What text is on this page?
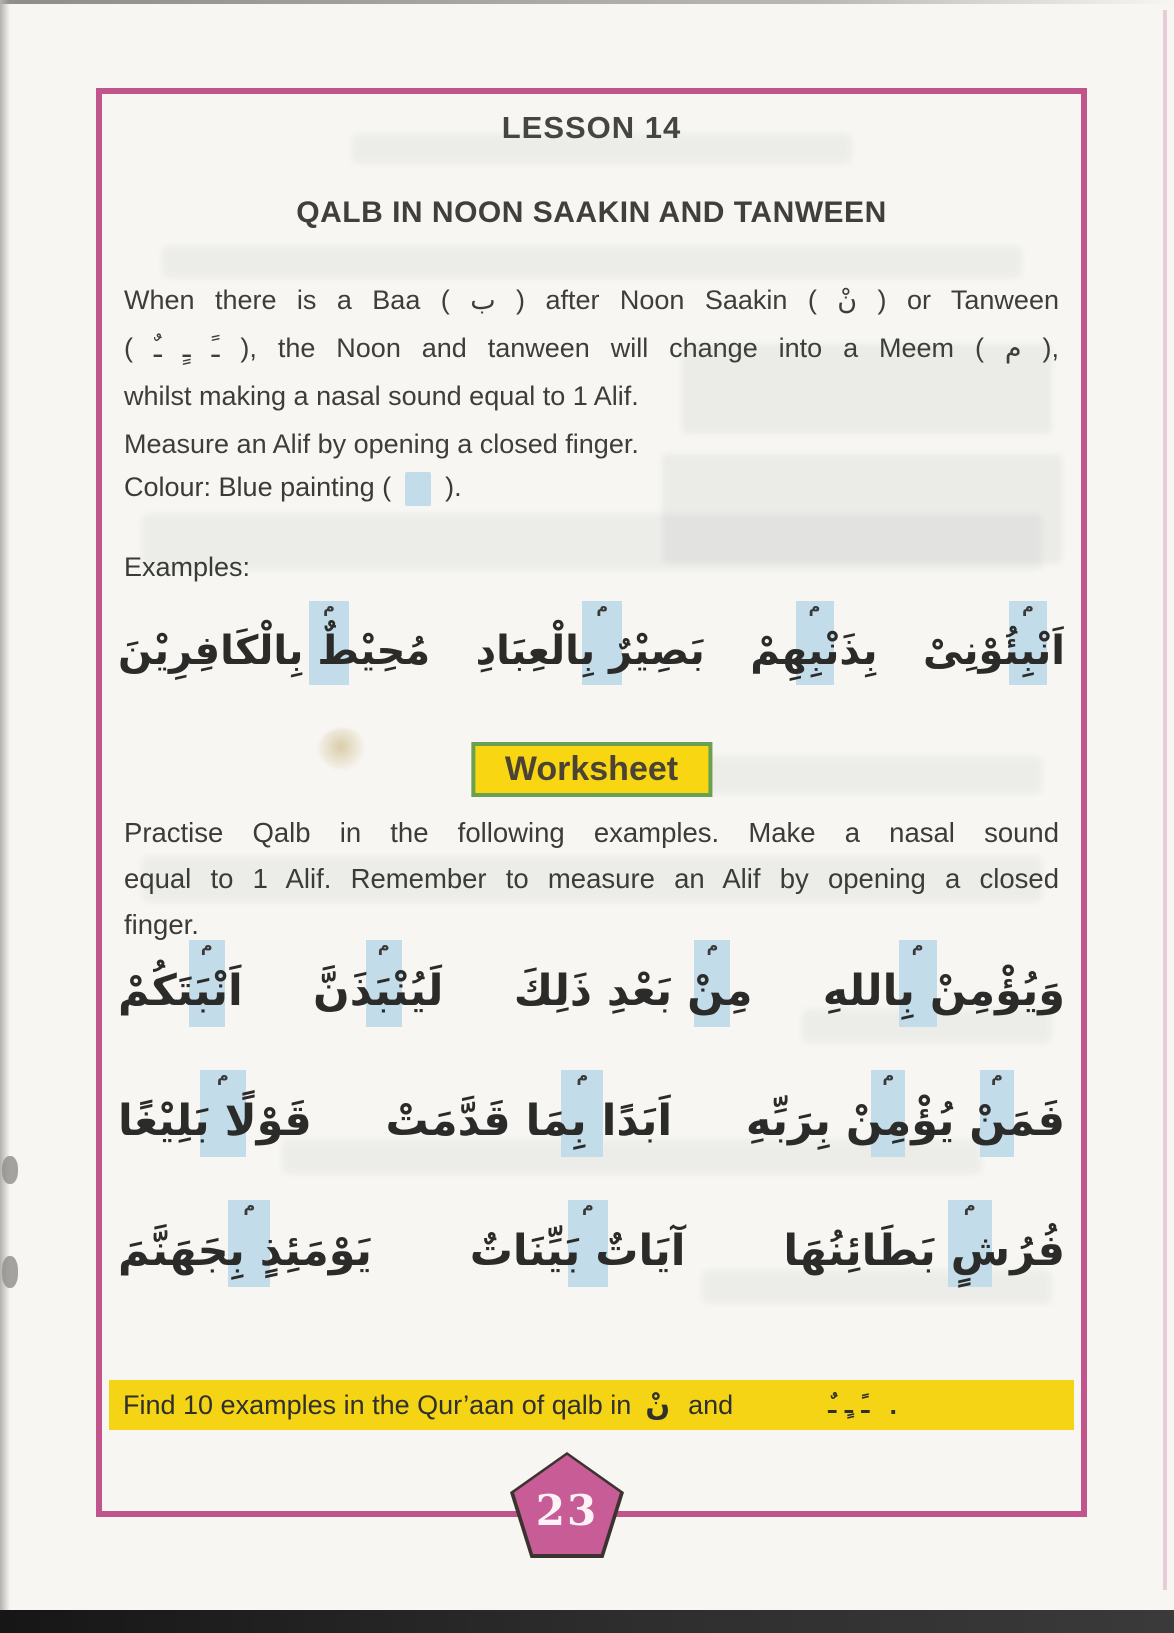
LESSON 14
QALB IN NOON SAAKIN AND TANWEEN
When there is a Baa ( ب ) after Noon Saakin ( نْ ) or Tanween
( ـً ـٍ ـٌ ), the Noon and tanween will change into a Meem ( م ),
whilst making a nasal sound equal to 1 Alif.
Measure an Alif by opening a closed finger.
Colour: Blue painting ( ).
Examples:
م
اَنْبِئُوْنِىْ
م
بِذَنْبِهِمْ
م
بَصِيْرٌ بِالْعِبَادِ
م
مُحِيْطٌ بِالْكَافِرِيْنَ
Worksheet
Practise Qalb in the following examples. Make a nasal sound
equal to 1 Alif. Remember to measure an Alif by opening a closed
finger.
م
وَيُؤْمِنْ بِاللهِ
م
مِنْ بَعْدِ ذَلِكَ
م
لَيُنْبَذَنَّ
م
اَنْبَتَكُمْ
م
م
فَمَنْ يُؤْمِنْ بِرَبِّهِ
م
اَبَدًا بِمَا قَدَّمَتْ
م
قَوْلًا بَلِيْغًا
م
فُرُشٍ بَطَائِنُهَا
م
آيَاتٌ بَيِّنَاتٌ
م
يَوْمَئِذٍ بِجَهَنَّمَ
Find 10 examples in the Qur’aan of qalb in نْ and	ـً ـٍ ـٌ .
23
